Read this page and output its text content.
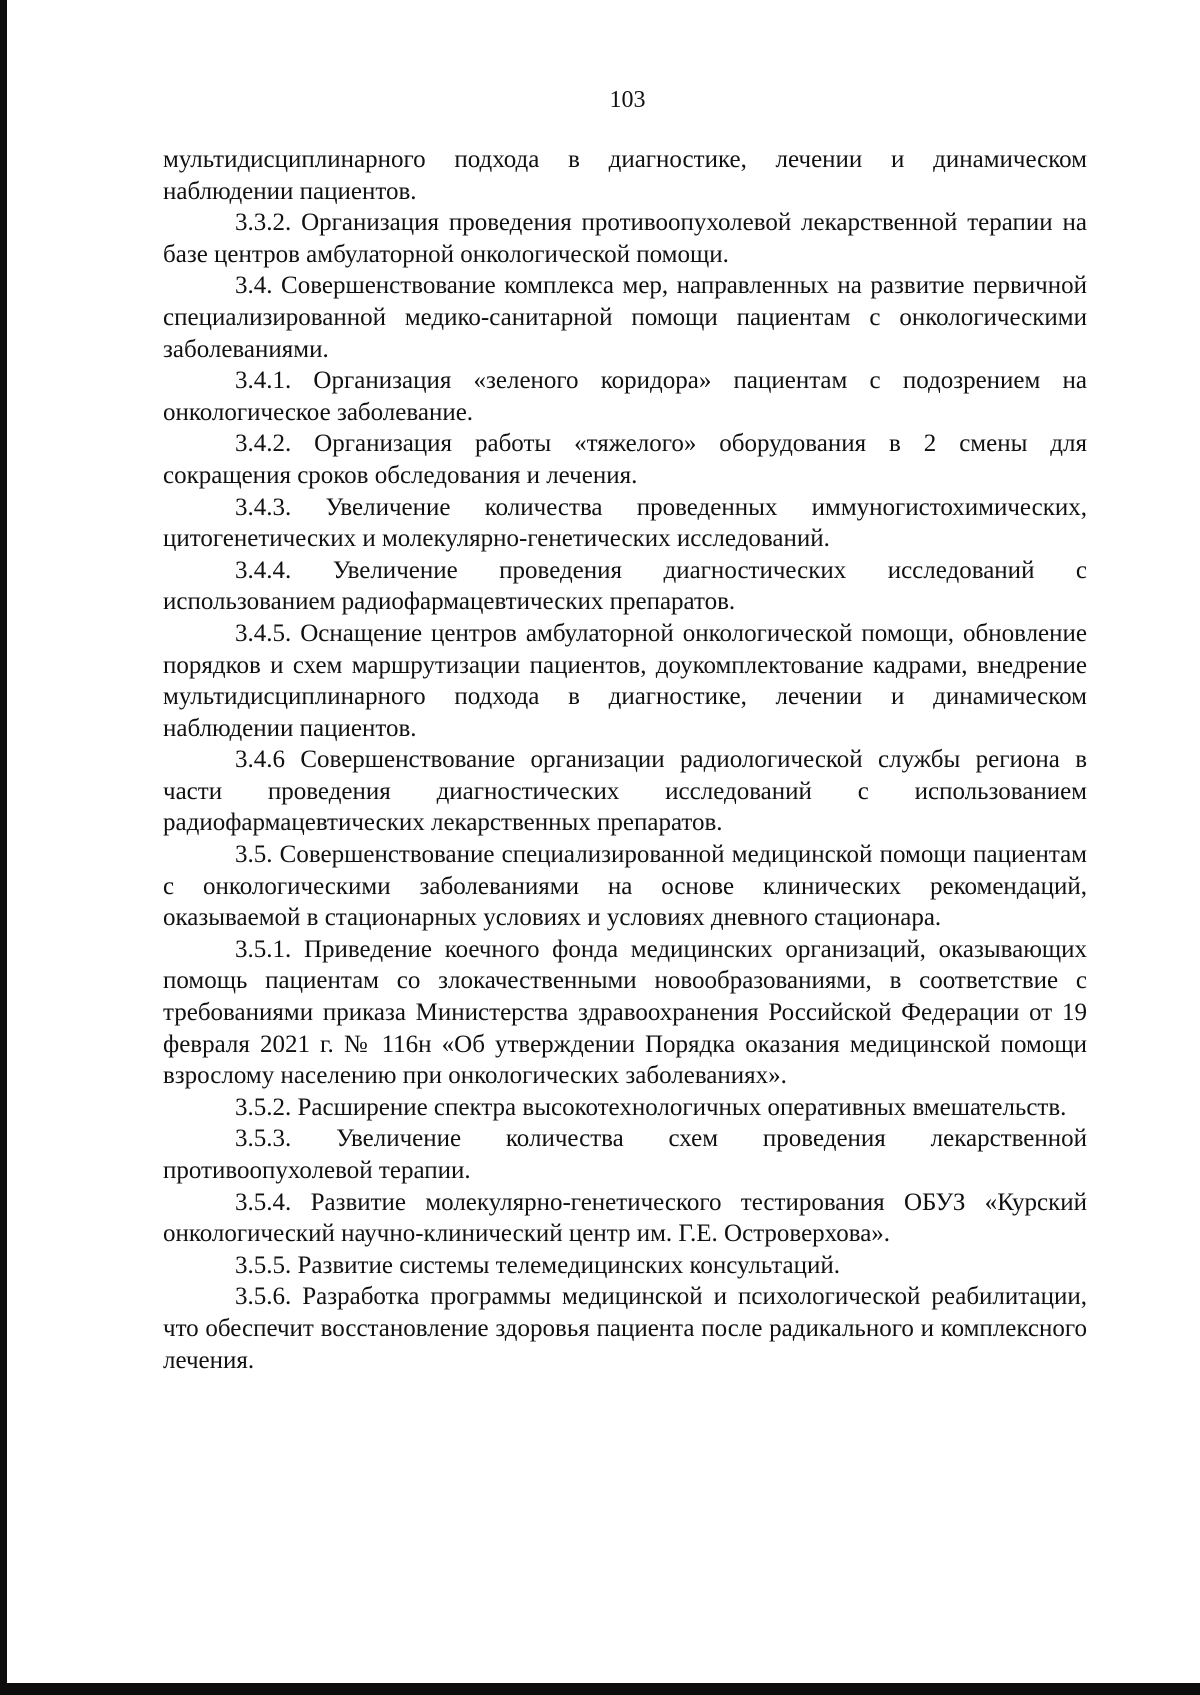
103

мультидисциплинарного подхода в диагностике, лечении и динамическом наблюдении пациентов.

3.3.2. Организация проведения противоопухолевой лекарственной терапии на базе центров амбулаторной онкологической помощи.

3.4. Совершенствование комплекса мер, направленных на развитие первичной специализированной медико-санитарной помощи пациентам с онкологическими заболеваниями.

3.4.1. Организация «зеленого коридора» пациентам с подозрением на онкологическое заболевание.

3.4.2. Организация работы «тяжелого» оборудования в 2 смены для сокращения сроков обследования и лечения.

3.4.3. Увеличение количества проведенных иммуногистохимических, цитогенетических и молекулярно-генетических исследований.

3.4.4. Увеличение проведения диагностических исследований с использованием радиофармацевтических препаратов.

3.4.5. Оснащение центров амбулаторной онкологической помощи, обновление порядков и схем маршрутизации пациентов, доукомплектование кадрами, внедрение мультидисциплинарного подхода в диагностике, лечении и динамическом наблюдении пациентов.

3.4.6 Совершенствование организации радиологической службы региона в части проведения диагностических исследований с использованием радиофармацевтических лекарственных препаратов.

3.5. Совершенствование специализированной медицинской помощи пациентам с онкологическими заболеваниями на основе клинических рекомендаций, оказываемой в стационарных условиях и условиях дневного стационара.

3.5.1. Приведение коечного фонда медицинских организаций, оказывающих помощь пациентам со злокачественными новообразованиями, в соответствие с требованиями приказа Министерства здравоохранения Российской Федерации от 19 февраля 2021 г. № 116н «Об утверждении Порядка оказания медицинской помощи взрослому населению при онкологических заболеваниях».

3.5.2. Расширение спектра высокотехнологичных оперативных вмешательств.

3.5.3. Увеличение количества схем проведения лекарственной противоопухолевой терапии.

3.5.4. Развитие молекулярно-генетического тестирования ОБУЗ «Курский онкологический научно-клинический центр им. Г.Е. Островерхова».

3.5.5. Развитие системы телемедицинских консультаций.

3.5.6. Разработка программы медицинской и психологической реабилитации, что обеспечит восстановление здоровья пациента после радикального и комплексного лечения.
